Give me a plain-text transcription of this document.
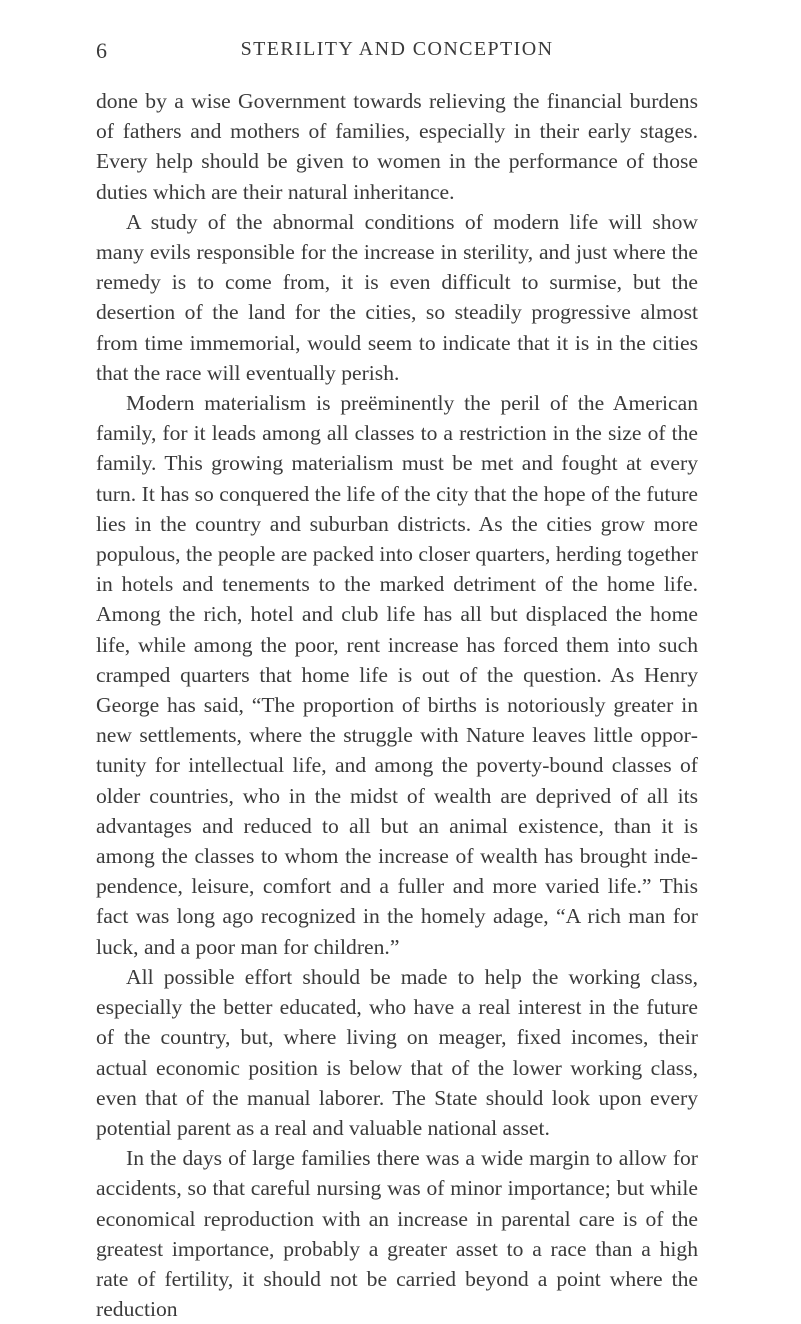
6	STERILITY AND CONCEPTION

done by a wise Government towards relieving the financial burdens of fathers and mothers of families, especially in their early stages. Every help should be given to women in the performance of those duties which are their natural inheritance.

A study of the abnormal conditions of modern life will show many evils responsible for the increase in sterility, and just where the remedy is to come from, it is even difficult to surmise, but the desertion of the land for the cities, so steadily progressive almost from time immemorial, would seem to indicate that it is in the cities that the race will eventually perish.

Modern materialism is preëminently the peril of the American family, for it leads among all classes to a restriction in the size of the family. This growing materialism must be met and fought at every turn. It has so conquered the life of the city that the hope of the future lies in the country and suburban districts. As the cities grow more populous, the people are packed into closer quarters, herding together in hotels and tenements to the marked detriment of the home life. Among the rich, hotel and club life has all but displaced the home life, while among the poor, rent increase has forced them into such cramped quarters that home life is out of the question. As Henry George has said, “The proportion of births is notoriously greater in new settlements, where the struggle with Nature leaves little opportunity for intellectual life, and among the poverty-bound classes of older countries, who in the midst of wealth are deprived of all its advantages and reduced to all but an animal existence, than it is among the classes to whom the increase of wealth has brought independence, leisure, comfort and a fuller and more varied life.” This fact was long ago recognized in the homely adage, “A rich man for luck, and a poor man for children.”

All possible effort should be made to help the working class, especially the better educated, who have a real interest in the future of the country, but, where living on meager, fixed incomes, their actual economic position is below that of the lower working class, even that of the manual laborer. The State should look upon every potential parent as a real and valuable national asset.

In the days of large families there was a wide margin to allow for accidents, so that careful nursing was of minor importance; but while economical reproduction with an increase in parental care is of the greatest importance, probably a greater asset to a race than a high rate of fertility, it should not be carried beyond a point where the reduction
